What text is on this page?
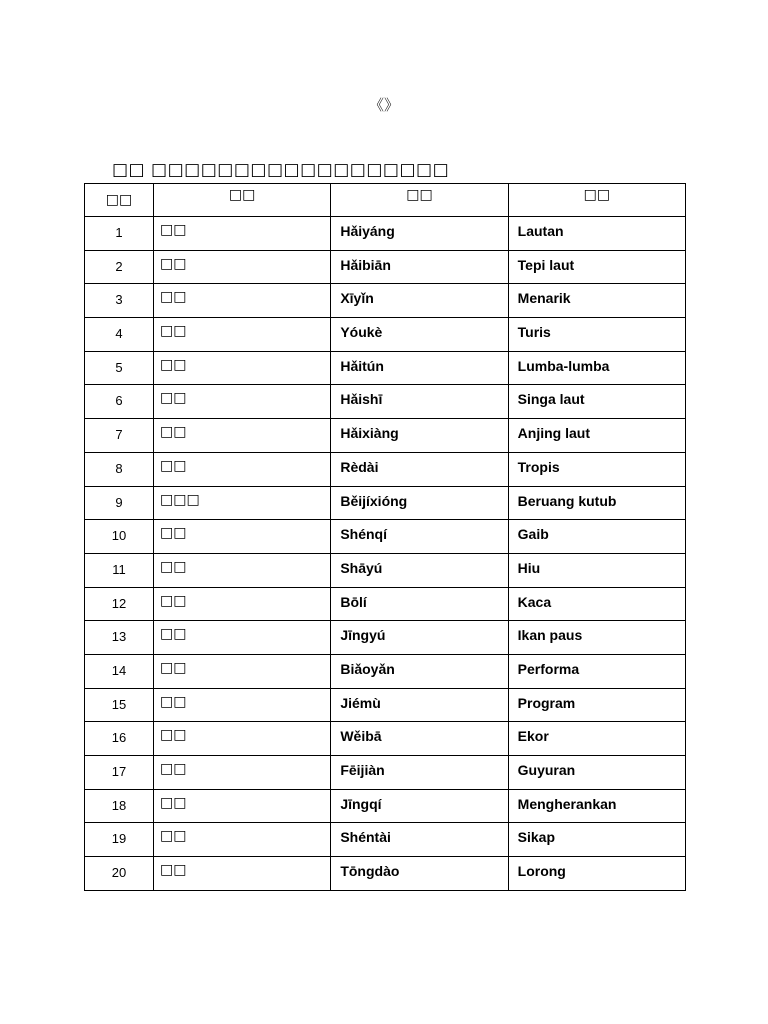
《》
□□ □□□□□□□□□□□□□□□□□□
□□	□□	□□	□□
1	□□	Hǎiyáng	Lautan
2	□□	Hǎibiān	Tepi laut
3	□□	Xīyǐn	Menarik
4	□□	Yóukè	Turis
5	□□	Hǎitún	Lumba-lumba
6	□□	Hǎishī	Singa laut
7	□□	Hǎixiàng	Anjing laut
8	□□	Rèdài	Tropis
9	□□□	Běijíxióng	Beruang kutub
10	□□	Shénqí	Gaib
11	□□	Shāyú	Hiu
12	□□	Bōlí	Kaca
13	□□	Jīngyú	Ikan paus
14	□□	Biǎoyǎn	Performa
15	□□	Jiémù	Program
16	□□	Wěibā	Ekor
17	□□	Fēijiàn	Guyuran
18	□□	Jīngqí	Mengherankan
19	□□	Shéntài	Sikap
20	□□	Tōngdào	Lorong
